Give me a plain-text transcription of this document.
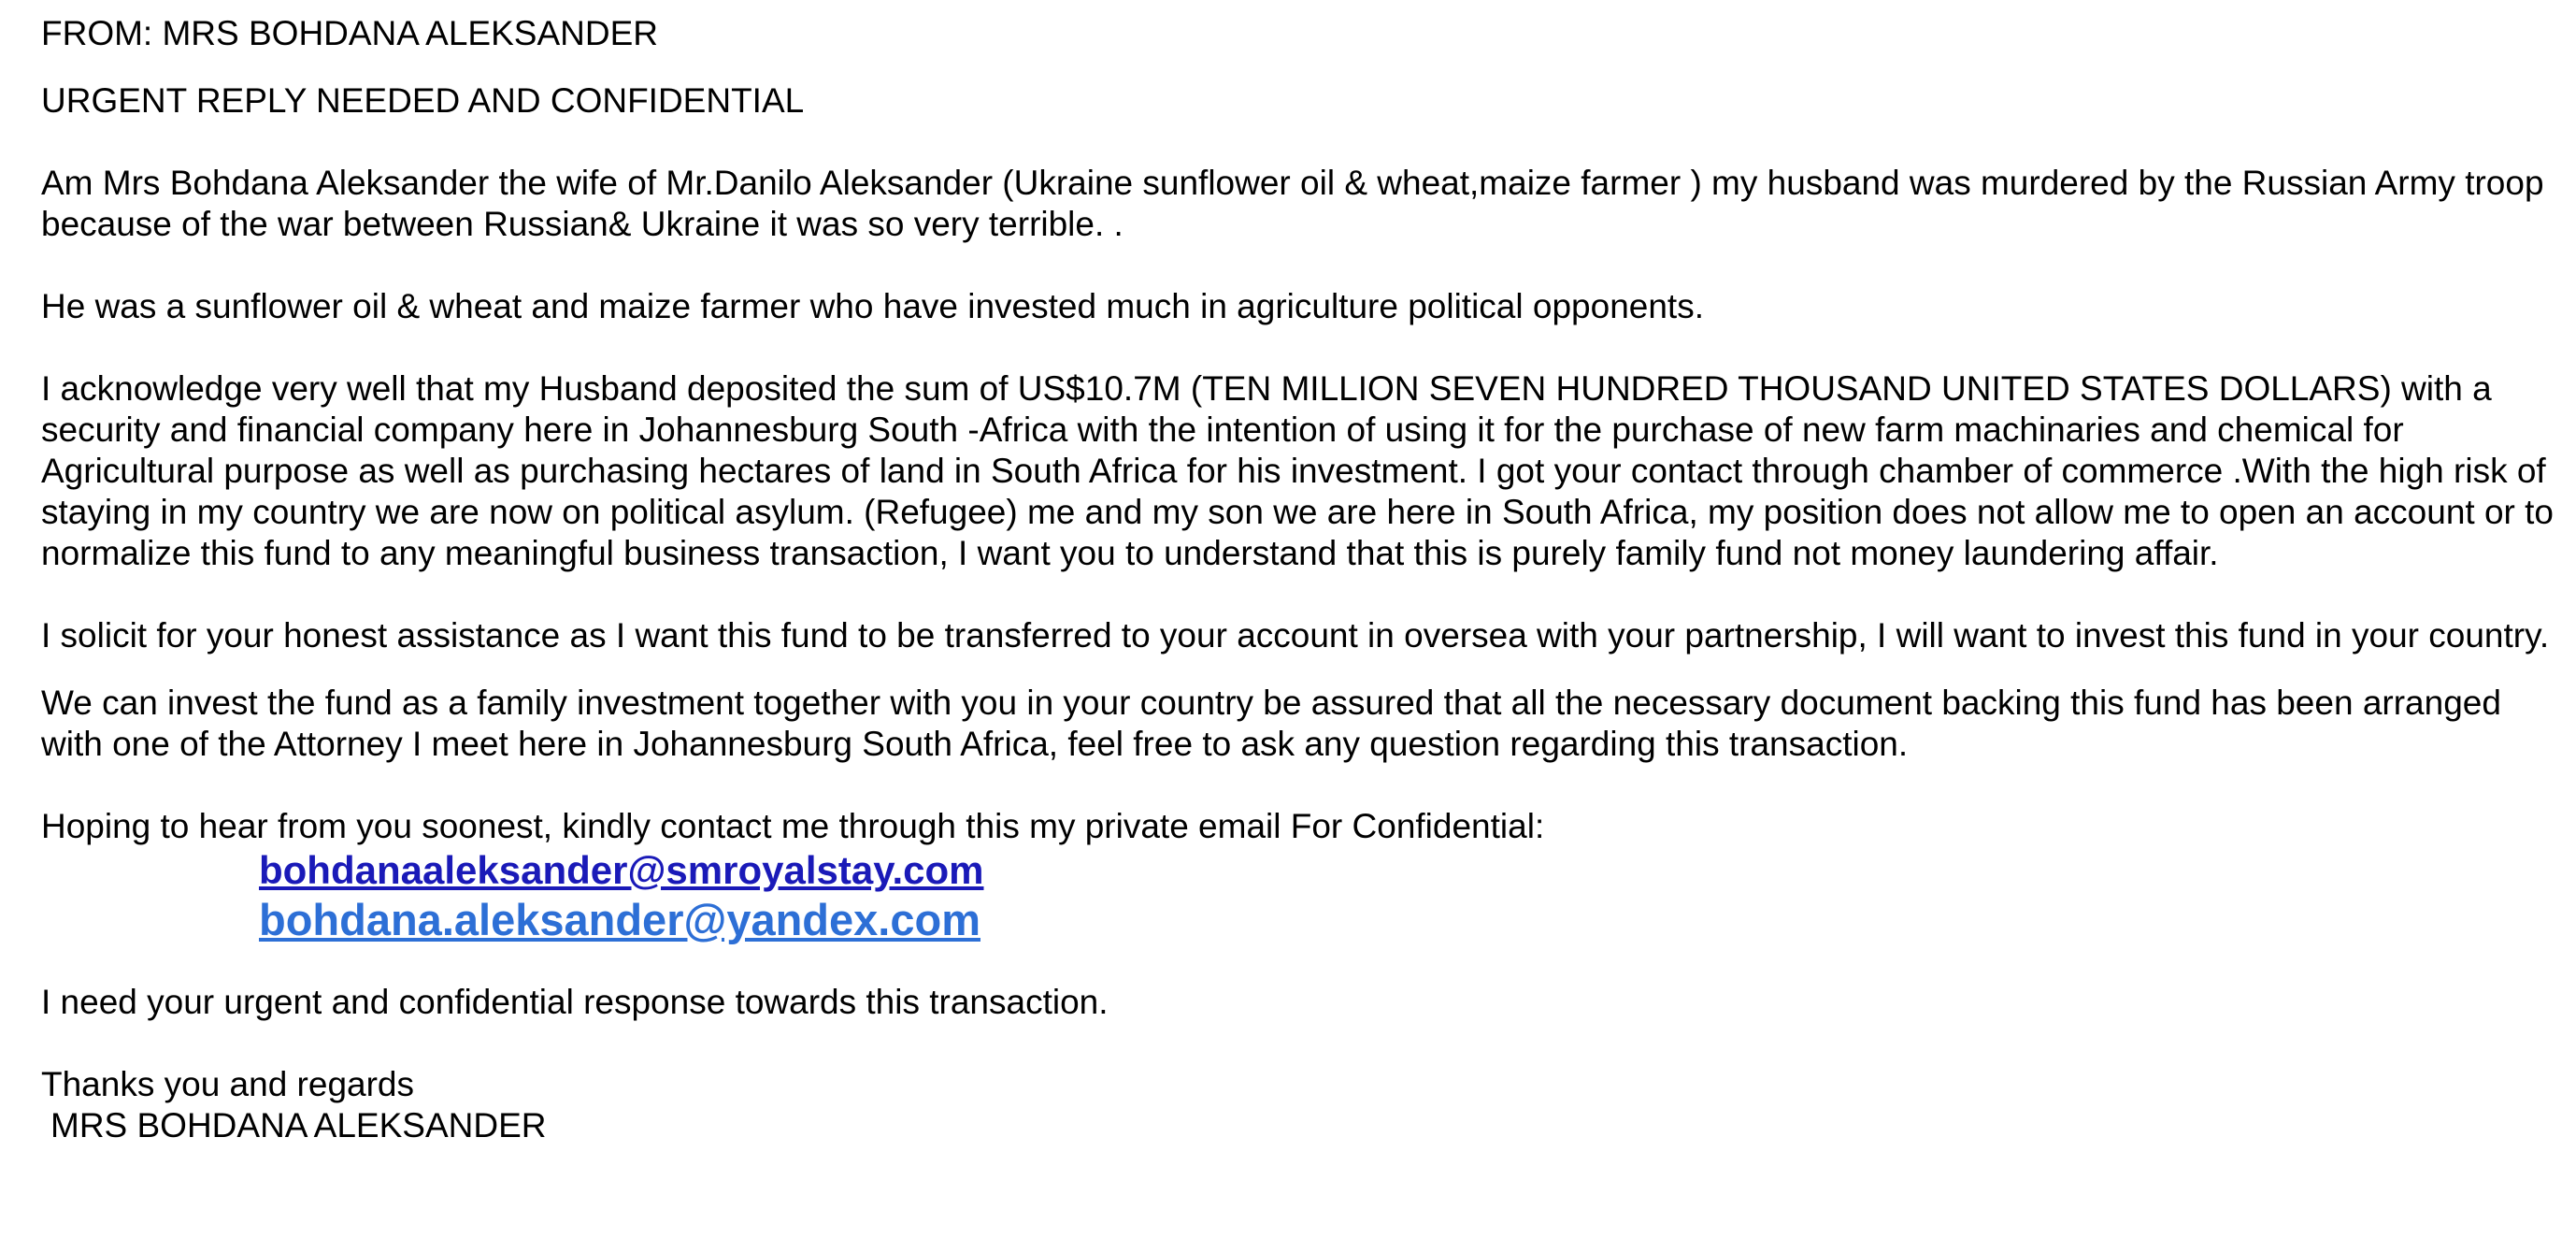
FROM: MRS BOHDANA ALEKSANDER
URGENT REPLY NEEDED AND CONFIDENTIAL

Am Mrs Bohdana Aleksander the wife of Mr.Danilo Aleksander (Ukraine sunflower oil & wheat,maize farmer ) my husband was murdered by the Russian Army troop because of the war between Russian& Ukraine it was so very terrible. .

He was a sunflower oil & wheat and maize farmer who have invested much in agriculture political opponents.

I acknowledge very well that my Husband deposited the sum of US$10.7M (TEN MILLION SEVEN HUNDRED THOUSAND UNITED STATES DOLLARS) with a security and financial company here in Johannesburg South -Africa with the intention of using it for the purchase of new farm machinaries and chemical for Agricultural purpose as well as purchasing hectares of land in South Africa for his investment. I got your contact through chamber of commerce .With the high risk of staying in my country we are now on political asylum. (Refugee) me and my son we are here in South Africa, my position does not allow me to open an account or to normalize this fund to any meaningful business transaction, I want you to understand that this is purely family fund not money laundering affair.

I solicit for your honest assistance as I want this fund to be transferred to your account in oversea with your partnership, I will want to invest this fund in your country.

We can invest the fund as a family investment together with you in your country be assured that all the necessary document backing this fund has been arranged with one of the Attorney I meet here in Johannesburg South Africa, feel free to ask any question regarding this transaction.

Hoping to hear from you soonest, kindly contact me through this my private email For Confidential:

bohdanaaleksander@smroyalstay.com
bohdana.aleksander@yandex.com

I need your urgent and confidential response towards this transaction.

Thanks you and regards
MRS BOHDANA ALEKSANDER
